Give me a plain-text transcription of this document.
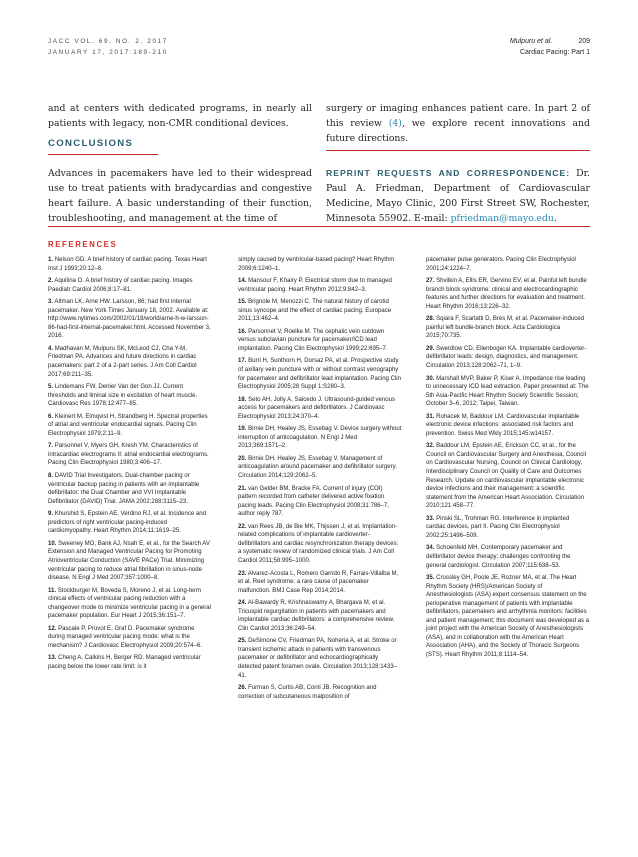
JACC VOL. 69, NO. 2, 2017
JANUARY 17, 2017:189-210
Mulpuru et al.	209
Cardiac Pacing: Part 1

and at centers with dedicated programs, in nearly all patients with legacy, non-CMR conditional devices.

CONCLUSIONS

Advances in pacemakers have led to their widespread use to treat patients with bradycardias and congestive heart failure. A basic understanding of their function, troubleshooting, and management at the time of

surgery or imaging enhances patient care. In part 2 of this review (4), we explore recent innovations and future directions.

REPRINT REQUESTS AND CORRESPONDENCE: Dr. Paul A. Friedman, Department of Cardiovascular Medicine, Mayo Clinic, 200 First Street SW, Rochester, Minnesota 55902. E-mail: pfriedman@mayo.edu.

REFERENCES

1. Nelson GD. A brief history of cardiac pacing. Texas Heart Inst J 1993;20:12–8.

2. Aquilina O. A brief history of cardiac pacing. Images Paediatr Cardiol 2006;8:17–81.

3. Altman LK, Arne HW. Larsson, 86; had first internal pacemaker. New York Times January 18, 2002. Available at: http://www.nytimes.com/2002/01/18/world/arne-h-w-larsson-86-had-first-internal-pacemaker.html. Accessed November 3, 2016.

4. Madhavan M, Mulpuru SK, McLeod CJ, Cha Y-M, Friedman PA. Advances and future directions in cardiac pacemakers: part 2 of a 2-part series. J Am Coll Cardiol 2017;69:211–35.

5. Lindemans FW, Denier Van der Gon JJ. Current thresholds and liminal size in excitation of heart muscle. Cardiovasc Res 1978;12:477–85.

6. Kleinert M, Elmqvist H, Strandberg H. Spectral properties of atrial and ventricular endocardial signals. Pacing Clin Electrophysiol 1979;2:11–9.

7. Parsonnet V, Myers GH, Kresh YM. Characteristics of intracardiac electrograms II: atrial endocardial electrograms. Pacing Clin Electrophysiol 1980;3:406–17.

8. DAVID Trial Investigators. Dual-chamber pacing or ventricular backup pacing in patients with an implantable defibrillator: the Dual Chamber and VVI Implantable Defibrillator (DAVID) Trial. JAMA 2002;288:3115–23.

9. Khurshid S, Epstein AE, Verdino RJ, et al. Incidence and predictors of right ventricular pacing-induced cardiomyopathy. Heart Rhythm 2014;11:1619–25.

10. Sweeney MO, Bank AJ, Nsah E, et al., for the Search AV Extension and Managed Ventricular Pacing for Promoting Atrioventricular Conduction (SAVE PACe) Trial. Minimizing ventricular pacing to reduce atrial fibrillation in sinus-node disease. N Engl J Med 2007;357:1000–8.

11. Stockburger M, Boveda S, Moreno J, et al. Long-term clinical effects of ventricular pacing reduction with a changeover mode to minimize ventricular pacing in a general pacemaker population. Eur Heart J 2015;36:151–7.

12. Pascale P, Pruvot E, Graf D. Pacemaker syndrome during managed ventricular pacing mode: what is the mechanism? J Cardiovasc Electrophysiol 2009;20:574–6.

13. Cheng A, Calkins H, Berger RD. Managed ventricular pacing below the lower rate limit: is it

simply caused by ventricular-based pacing? Heart Rhythm 2009;6:1240–1.

14. Mansour F, Khairy P. Electrical storm due to managed ventricular pacing. Heart Rhythm 2012;9:842–3.

15. Brignole M, Menozzi C. The natural history of carotid sinus syncope and the effect of cardiac pacing. Europace 2011;13:462–4.

16. Parsonnet V, Roelke M. The cephalic vein cutdown versus subclavian puncture for pacemaker/ICD lead implantation. Pacing Clin Electrophysiol 1999;22:695–7.

17. Burri H, Sunthorn H, Dorsaz PA, et al. Prospective study of axillary vein puncture with or without contrast venography for pacemaker and defibrillator lead implantation. Pacing Clin Electrophysiol 2005;28 Suppl 1:S280–3.

18. Seto AH, Jolly A, Salcedo J. Ultrasound-guided venous access for pacemakers and defibrillators. J Cardiovasc Electrophysiol 2013;24:370–4.

19. Birnie DH, Healey JS, Essebag V. Device surgery without interruption of anticoagulation. N Engl J Med 2013;369:1571–2.

20. Birnie DH, Healey JS, Essebag V. Management of anticoagulation around pacemaker and defibrillator surgery. Circulation 2014;129:2062–5.

21. van Gelder BM, Bracke FA. Current of injury (COI) pattern recorded from catheter delivered active fixation pacing leads. Pacing Clin Electrophysiol 2008;31:786–7, author reply 787.

22. van Rees JB, de Bie MK, Thijssen J, et al. Implantation-related complications of implantable cardioverter-defibrillators and cardiac resynchronization therapy devices: a systematic review of randomized clinical trials. J Am Coll Cardiol 2011;58:995–1000.

23. Alvarez-Acosta L, Romero Garrido R, Farrais-Villalba M, et al. Reel syndrome: a rare cause of pacemaker malfunction. BMJ Case Rep 2014;2014.

24. Al-Bawardy R, Krishnaswamy A, Bhargava M, et al. Tricuspid regurgitation in patients with pacemakers and implantable cardiac defibrillators: a comprehensive review. Clin Cardiol 2013;36:249–54.

25. DeSimone CV, Friedman PA, Noheria A, et al. Stroke or transient ischemic attack in patients with transvenous pacemaker or defibrillator and echocardiographically detected patent foramen ovale. Circulation 2013;128:1433–41.

26. Furman S, Curtis AB, Conti JB. Recognition and correction of subcutaneous malposition of

pacemaker pulse generators. Pacing Clin Electrophysiol 2001;24:1224–7.

27. Shvilkin A, Ellis ER, Gervino EV, et al. Painful left bundle branch block syndrome: clinical and electrocardiographic features and further directions for evaluation and treatment. Heart Rhythm 2016;13:226–32.

28. Sqiara F, Scarlatti D, Bres M, et al. Pacemaker-induced painful left bundle-branch block. Acta Cardiologica 2015;70:735.

29. Swerdlow CD, Ellenbogen KA. Implantable cardioverter-defibrillator leads: design, diagnostics, and management. Circulation 2013;128:2062–71, 1–9.

30. Marshall MVP, Baker P, Kiser A. Impedance rise leading to unnecessary ICD lead extraction. Paper presented at: The 5th Asia-Pacific Heart Rhythm Society Scientific Session; October 3–6, 2012; Taipei, Taiwan.

31. Rohacek M, Baddour LM. Cardiovascular implantable electronic device infections: associated risk factors and prevention. Swiss Med Wkly 2015;145:w14157.

32. Baddour LM, Epstein AE, Erickson CC, et al., for the Council on Cardiovascular Surgery and Anesthesia, Council on Cardiovascular Nursing, Council on Clinical Cardiology, Interdisciplinary Council on Quality of Care and Outcomes Research. Update on cardiovascular implantable electronic device infections and their management: a scientific statement from the American Heart Association. Circulation 2010;121:458–77.

33. Pinski SL, Trohman RG. Interference in implanted cardiac devices, part II. Pacing Clin Electrophysiol 2002;25:1496–509.

34. Schoenfeld MH. Contemporary pacemaker and defibrillator device therapy: challenges confronting the general cardiologist. Circulation 2007;115:638–53.

35. Crossley GH, Poole JE, Rozner MA, et al. The Heart Rhythm Society (HRS)/American Society of Anesthesiologists (ASA) expert consensus statement on the perioperative management of patients with implantable defibrillators, pacemakers and arrhythmia monitors: facilities and patient management; this document was developed as a joint project with the American Society of Anesthesiologists (ASA), and in collaboration with the American Heart Association (AHA), and the Society of Thoracic Surgeons (STS). Heart Rhythm 2011;8:1114–54.
